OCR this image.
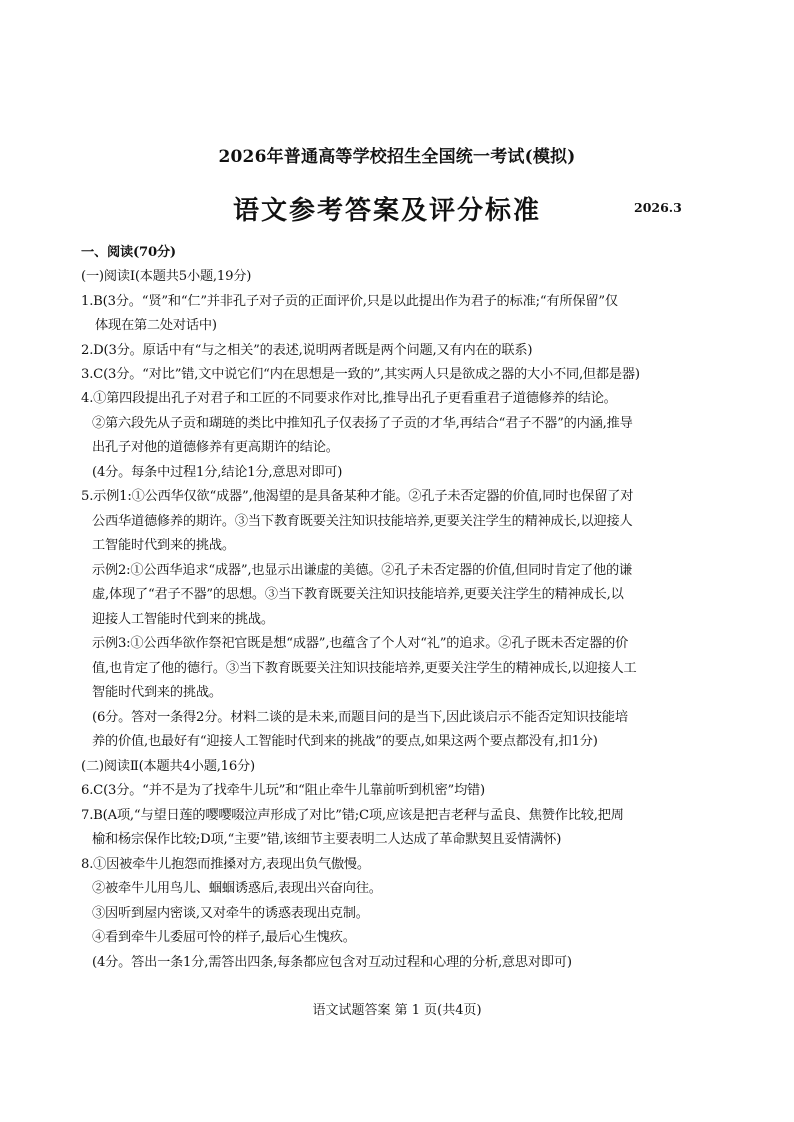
2026年普通高等学校招生全国统一考试(模拟)
语文参考答案及评分标准	2026.3
一、阅读(70分)
(一)阅读Ⅰ(本题共5小题,19分)
1.B(3分。“贤”和“仁”并非孔子对子贡的正面评价,只是以此提出作为君子的标准;“有所保留”仅
体现在第二处对话中)
2.D(3分。原话中有“与之相关”的表述,说明两者既是两个问题,又有内在的联系)
3.C(3分。“对比”错,文中说它们“内在思想是一致的”,其实两人只是欲成之器的大小不同,但都是器)
4.①第四段提出孔子对君子和工匠的不同要求作对比,推导出孔子更看重君子道德修养的结论。
②第六段先从子贡和瑚琏的类比中推知孔子仅表扬了子贡的才华,再结合“君子不器”的内涵,推导
出孔子对他的道德修养有更高期许的结论。
(4分。每条中过程1分,结论1分,意思对即可)
5.示例1:①公西华仅欲“成器”,他渴望的是具备某种才能。②孔子未否定器的价值,同时也保留了对
公西华道德修养的期许。③当下教育既要关注知识技能培养,更要关注学生的精神成长,以迎接人
工智能时代到来的挑战。
示例2:①公西华追求“成器”,也显示出谦虚的美德。②孔子未否定器的价值,但同时肯定了他的谦
虚,体现了“君子不器”的思想。③当下教育既要关注知识技能培养,更要关注学生的精神成长,以
迎接人工智能时代到来的挑战。
示例3:①公西华欲作祭祀官既是想“成器”,也蕴含了个人对“礼”的追求。②孔子既未否定器的价
值,也肯定了他的德行。③当下教育既要关注知识技能培养,更要关注学生的精神成长,以迎接人工
智能时代到来的挑战。
(6分。答对一条得2分。材料二谈的是未来,而题目问的是当下,因此谈启示不能否定知识技能培
养的价值,也最好有“迎接人工智能时代到来的挑战”的要点,如果这两个要点都没有,扣1分)
(二)阅读Ⅱ(本题共4小题,16分)
6.C(3分。“并不是为了找牵牛儿玩”和“阻止牵牛儿靠前听到机密”均错)
7.B(A项,“与望日莲的嘤嘤啜泣声形成了对比”错;C项,应该是把吉老秤与孟良、焦赞作比较,把周
榆和杨宗保作比较;D项,“主要”错,该细节主要表明二人达成了革命默契且妥情满怀)
8.①因被牵牛儿抱怨而推搡对方,表现出负气傲慢。
②被牵牛儿用鸟儿、蝈蝈诱惑后,表现出兴奋向往。
③因听到屋内密谈,又对牵牛的诱惑表现出克制。
④看到牵牛儿委屈可怜的样子,最后心生愧疚。
(4分。答出一条1分,需答出四条,每条都应包含对互动过程和心理的分析,意思对即可)
语文试题答案 第 1 页(共4页)
